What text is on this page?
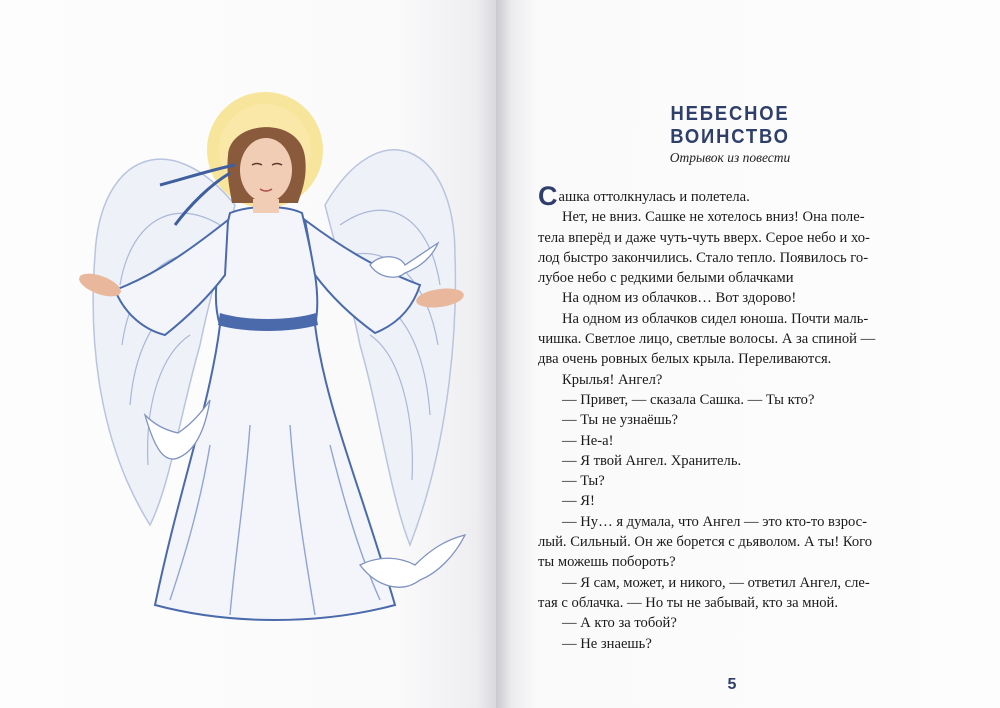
НЕБЕСНОЕ ВОИНСТВО
Отрывок из повести
Сашка оттолкнулась и полетела.
Нет, не вниз. Сашке не хотелось вниз! Она поле-
тела вперёд и даже чуть-чуть вверх. Серое небо и хо-
лод быстро закончились. Стало тепло. Появилось го-
лубое небо с редкими белыми облачками
На одном из облачков… Вот здорово!
На одном из облачков сидел юноша. Почти маль-
чишка. Светлое лицо, светлые волосы. А за спиной —
два очень ровных белых крыла. Переливаются.
Крылья! Ангел?
— Привет, — сказала Сашка. — Ты кто?
— Ты не узнаёшь?
— Не-а!
— Я твой Ангел. Хранитель.
— Ты?
— Я!
— Ну… я думала, что Ангел — это кто-то взрос-
лый. Сильный. Он же борется с дьяволом. А ты! Кого
ты можешь побороть?
— Я сам, может, и никого, — ответил Ангел, сле-
тая с облачка. — Но ты не забывай, кто за мной.
— А кто за тобой?
— Не знаешь?
5
